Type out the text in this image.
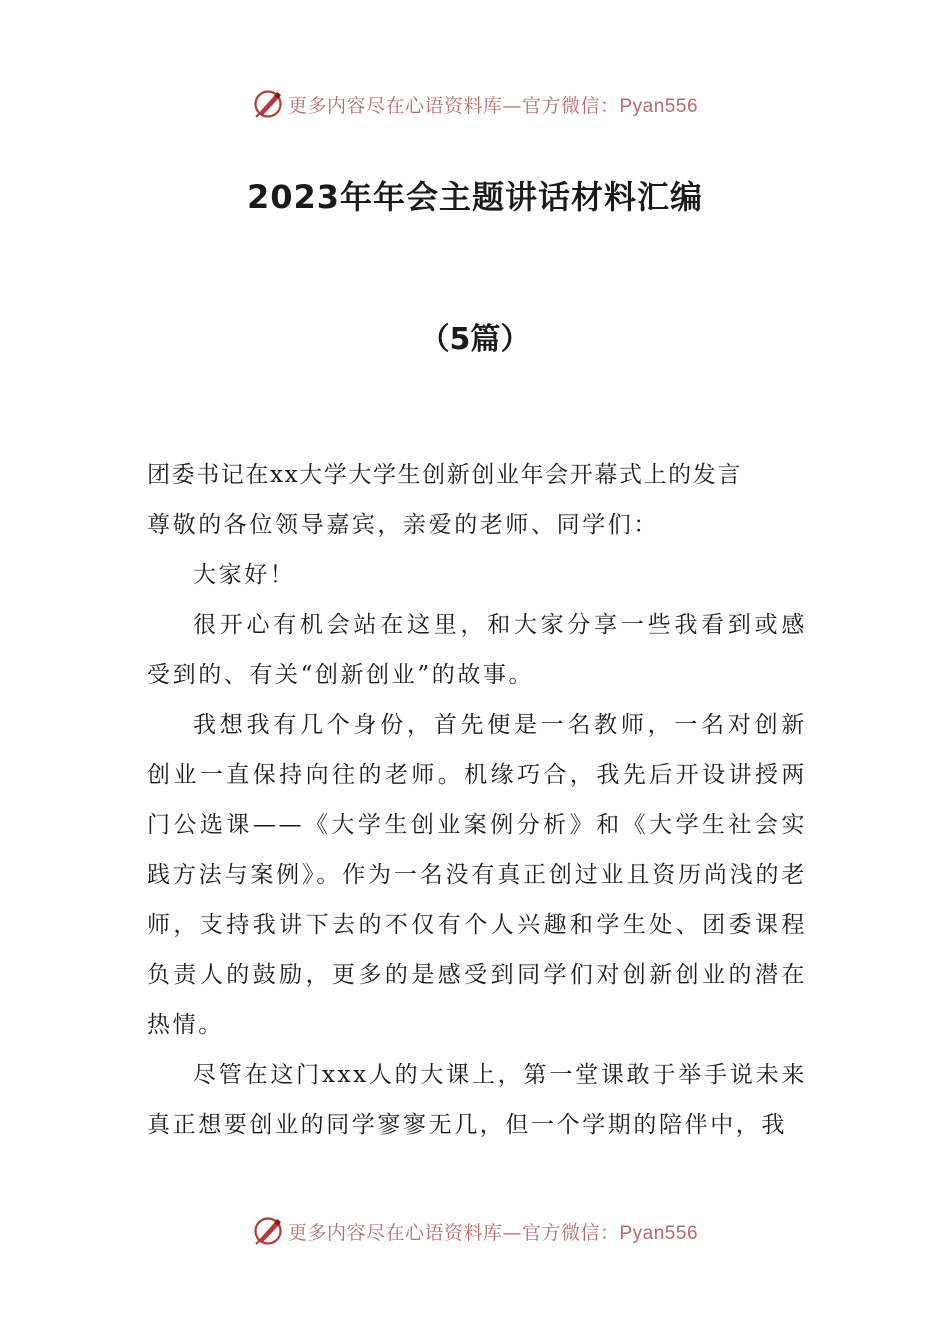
更多内容尽在心语资料库—官方微信：Pyan556
2023年年会主题讲话材料汇编
（5篇）

团委书记在xx大学大学生创新创业年会开幕式上的发言

尊敬的各位领导嘉宾，亲爱的老师、同学们：

大家好！

很开心有机会站在这里，和大家分享一些我看到或感受到的、有关“创新创业”的故事。

我想我有几个身份，首先便是一名教师，一名对创新创业一直保持向往的老师。机缘巧合，我先后开设讲授两门公选课——《大学生创业案例分析》和《大学生社会实践方法与案例》。作为一名没有真正创过业且资历尚浅的老师，支持我讲下去的不仅有个人兴趣和学生处、团委课程负责人的鼓励，更多的是感受到同学们对创新创业的潜在热情。

尽管在这门xxx人的大课上，第一堂课敢于举手说未来真正想要创业的同学寥寥无几，但一个学期的陪伴中，我

更多内容尽在心语资料库—官方微信：Pyan556
